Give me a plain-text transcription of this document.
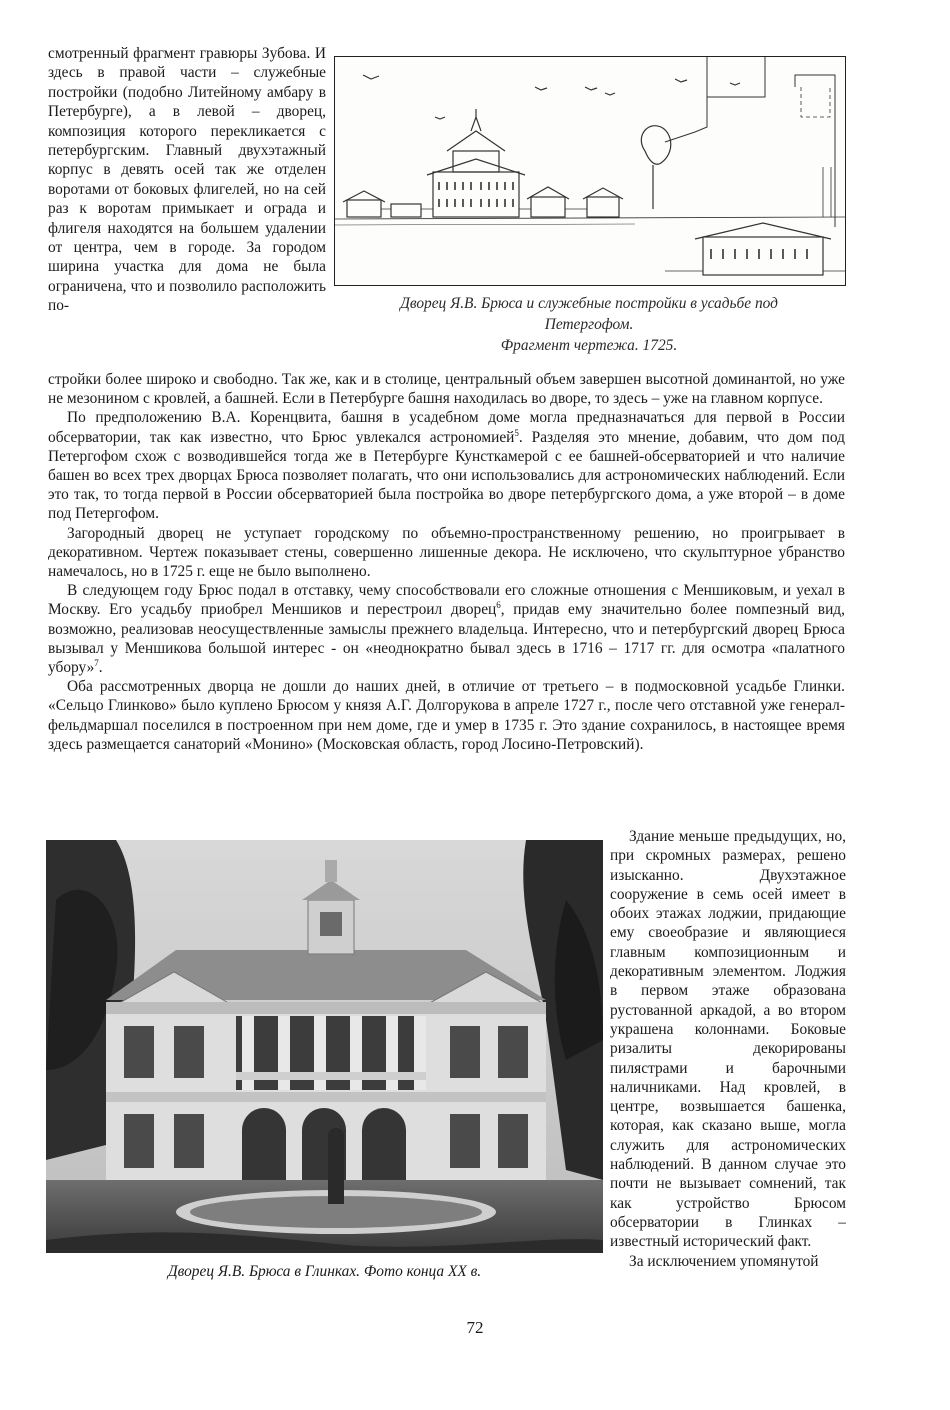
смотренный фрагмент гравюры Зубова. И здесь в правой части – служебные постройки (подобно Литейному амбару в Петербурге), а в левой – дворец, композиция которого перекликается с петербургским. Главный двухэтажный корпус в девять осей так же отделен воротами от боковых флигелей, но на сей раз к воротам примыкает и ограда и флигеля находятся на большем удалении от центра, чем в городе. За городом ширина участка для дома не была ограничена, что и позволило расположить по-	Дворец Я.В. Брюса и служебные постройки в усадьбе под
Петергофом.
Фрагмент чертежа. 1725.

стройки более широко и свободно. Так же, как и в столице, центральный объем завершен высотной доминантой, но уже не мезонином с кровлей, а башней. Если в Петербурге башня находилась во дворе, то здесь – уже на главном корпусе.

По предположению В.А. Коренцвита, башня в усадебном доме могла предназначаться для первой в России обсерватории, так как известно, что Брюс увлекался астрономией$^5$. Разделяя это мнение, добавим, что дом под Петергофом схож с возводившейся тогда же в Петербурге Кунсткамерой с ее башней-обсерваторией и что наличие башен во всех трех дворцах Брюса позволяет полагать, что они использовались для астрономических наблюдений. Если это так, то тогда первой в России обсерваторией была постройка во дворе петербургского дома, а уже второй – в доме под Петергофом.

Загородный дворец не уступает городскому по объемно-пространственному решению, но проигрывает в декоративном. Чертеж показывает стены, совершенно лишенные декора. Не исключено, что скульптурное убранство намечалось, но в 1725 г. еще не было выполнено.

В следующем году Брюс подал в отставку, чему способствовали его сложные отношения с Меншиковым, и уехал в Москву. Его усадьбу приобрел Меншиков и перестроил дворец$^6$, придав ему значительно более помпезный вид, возможно, реализовав неосуществленные замыслы прежнего владельца. Интересно, что и петербургский дворец Брюса вызывал у Меншикова большой интерес - он «неоднократно бывал здесь в 1716 – 1717 гг. для осмотра «палатного убору»$^7$.

Оба рассмотренных дворца не дошли до наших дней, в отличие от третьего – в подмосковной усадьбе Глинки. «Сельцо Глинково» было куплено Брюсом у князя А.Г. Долгорукова в апреле 1727 г., после чего отставной уже генерал-фельдмаршал поселился в построенном при нем доме, где и умер в 1735 г. Это здание сохранилось, в настоящее время здесь размещается санаторий «Монино» (Московская область, город Лосино-Петровский).

Дворец Я.В. Брюса в Глинках. Фото конца XX в.

Здание меньше предыдущих, но, при скромных размерах, решено изысканно. Двухэтажное сооружение в семь осей имеет в обоих этажах лоджии, придающие ему своеобразие и являющиеся главным композиционным и декоративным элементом. Лоджия в первом этаже образована рустованной аркадой, а во втором украшена колоннами. Боковые ризалиты декорированы пилястрами и барочными наличниками. Над кровлей, в центре, возвышается башенка, которая, как сказано выше, могла служить для астрономических наблюдений. В данном случае это почти не вызывает сомнений, так как устройство Брюсом обсерватории в Глинках – известный исторический факт.

За исключением упомянутой

72
